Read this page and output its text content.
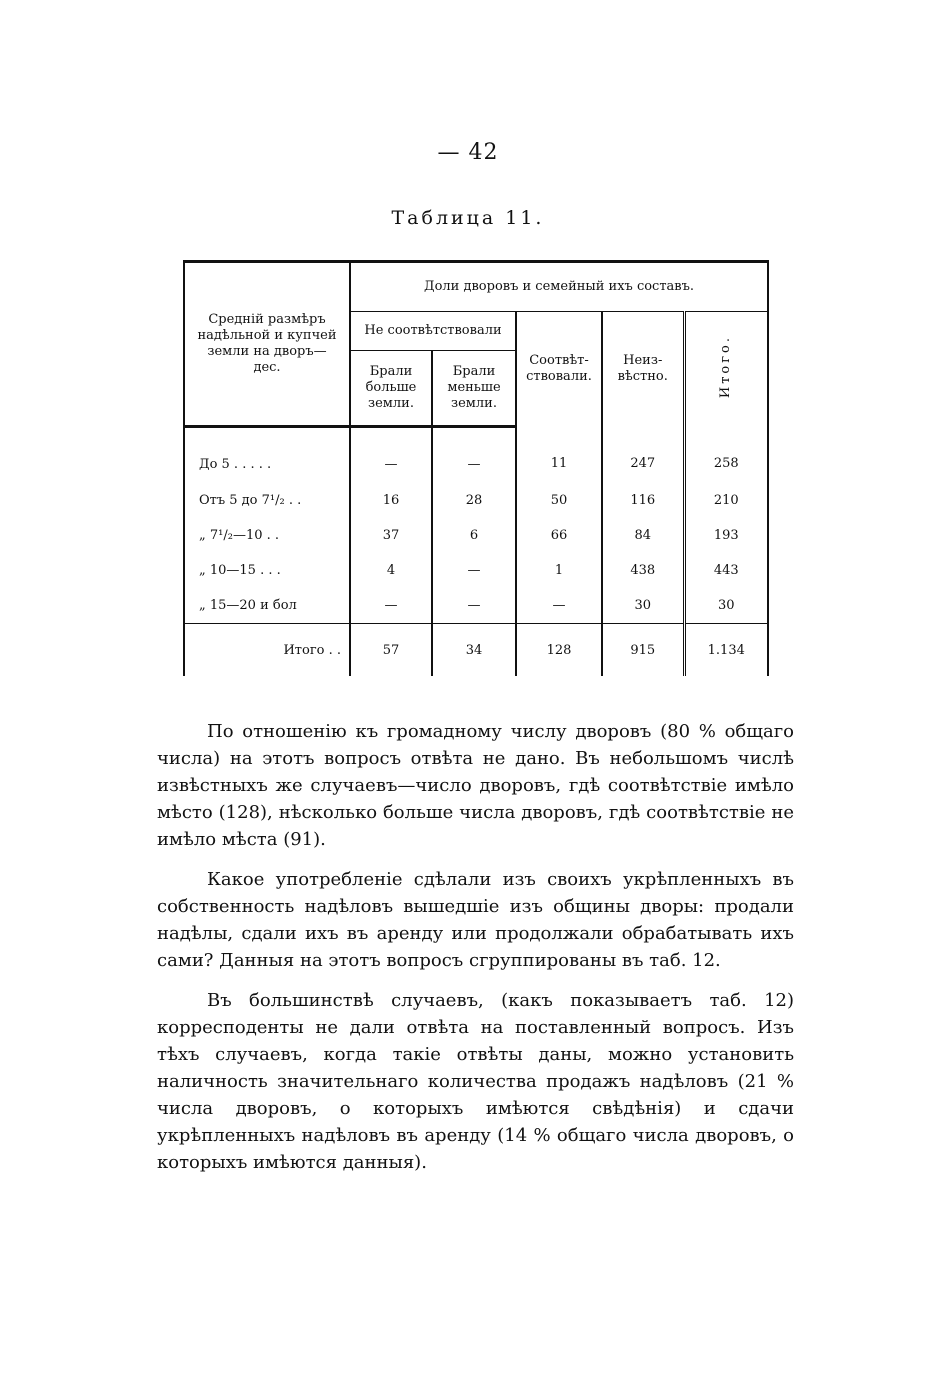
— 42
Таблица 11.
Средній размѣръ надѣльной и купчей земли на дворъ—дес.	Доли дворовъ и семейный ихъ составъ.				
	Не соотвѣтствовали		Соотвѣт- ствовали.	Неиз- вѣстно.	Итого.
	Брали больше земли.	Брали меньше земли.			
До 5 . . . . .	—	—	11	247	258
Отъ 5 до 7¹/₂ . .	16	28	50	116	210
„ 7¹/₂—10 . .	37	6	66	84	193
„ 10—15 . . .	4	—	1	438	443
„ 15—20 и бол	—	—	—	30	30
Итого . .	57	34	128	915	1.134

По отношенію къ громадному числу дворовъ (80 % общаго числа) на этотъ вопросъ отвѣта не дано. Въ небольшомъ числѣ извѣстныхъ же случаевъ—число дворовъ, гдѣ соотвѣтствіе имѣло мѣсто (128), нѣсколько больше числа дворовъ, гдѣ соотвѣтствіе не имѣло мѣста (91).

Какое употребленіе сдѣлали изъ своихъ укрѣпленныхъ въ собственность надѣловъ вышедшіе изъ общины дворы: продали надѣлы, сдали ихъ въ аренду или продолжали обрабатывать ихъ сами? Данныя на этотъ вопросъ сгруппированы въ таб. 12.

Въ большинствѣ случаевъ, (какъ показываетъ таб. 12) корресподенты не дали отвѣта на поставленный вопросъ. Изъ тѣхъ случаевъ, когда такіе отвѣты даны, можно установить наличность значительнаго количества продажъ надѣловъ (21 % числа дворовъ, о которыхъ имѣются свѣдѣнія) и сдачи укрѣпленныхъ надѣловъ въ аренду (14 % общаго числа дворовъ, о которыхъ имѣются данныя).
